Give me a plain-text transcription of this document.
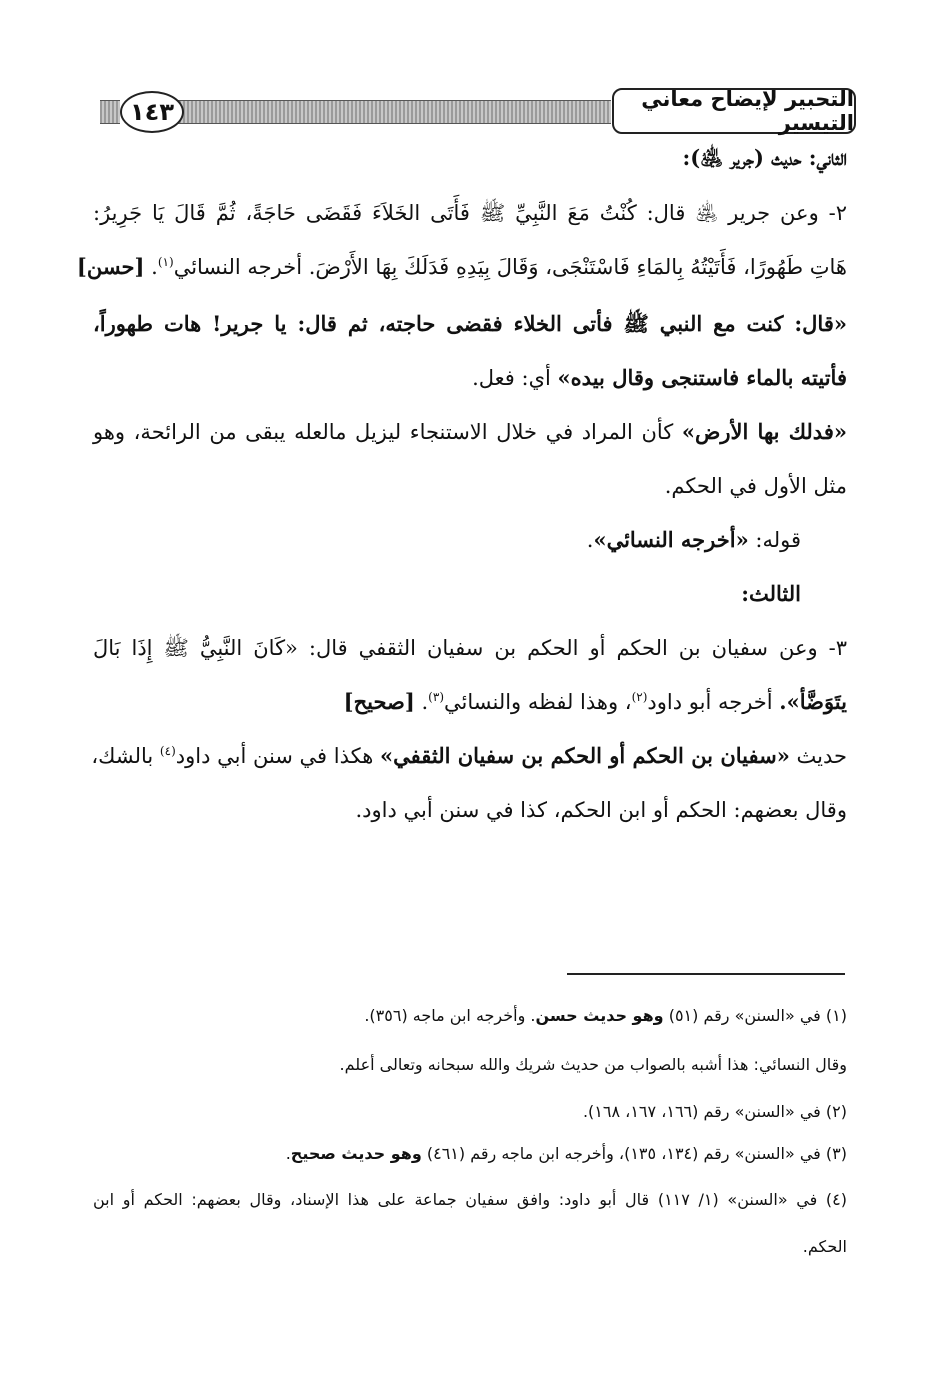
١٤٣	التحبير لإيضاح معاني التيسير
الثاني: حديث (جرير ﵁):
٢- وعن جرير ﵁ قال: كُنْتُ مَعَ النَّبِيِّ ﷺ فَأَتَى الخَلاَءَ فَقَضَى حَاجَةً، ثُمَّ قَالَ يَا جَرِيرُ:
هَاتِ طَهُورًا، فَأَتَيْتُهُ بِالمَاءِ فَاسْتَنْجَى، وَقَالَ بِيَدِهِ فَدَلَكَ بِهَا الأَرْضَ. أخرجه النسائي$^{(١)}$. [حسن]
«قال: كنت مع النبي ﷺ فأتى الخلاء فقضى حاجته، ثم قال: يا جرير! هات طهوراً،
فأتيته بالماء فاستنجى وقال بيده» أي: فعل.
«فدلك بها الأرض» كأن المراد في خلال الاستنجاء ليزيل مالعله يبقى من الرائحة، وهو
مثل الأول في الحكم.
قوله: «أخرجه النسائي».
الثالث:
٣- وعن سفيان بن الحكم أو الحكم بن سفيان الثقفي قال: «كَانَ النَّبِيُّ ﷺ إِذَا بَالَ
يتَوَضَّأ». أخرجه أبو داود$^{(٢)}$، وهذا لفظه والنسائي$^{(٣)}$. [صحيح]
حديث «سفيان بن الحكم أو الحكم بن سفيان الثقفي» هكذا في سنن أبي داود$^{(٤)}$ بالشك،
وقال بعضهم: الحكم أو ابن الحكم، كذا في سنن أبي داود.
(١) في «السنن» رقم (٥١) وهو حديث حسن. وأخرجه ابن ماجه (٣٥٦).
وقال النسائي: هذا أشبه بالصواب من حديث شريك والله سبحانه وتعالى أعلم.
(٢) في «السنن» رقم (١٦٦، ١٦٧، ١٦٨).
(٣) في «السنن» رقم (١٣٤، ١٣٥)، وأخرجه ابن ماجه رقم (٤٦١) وهو حديث صحيح.
(٤) في «السنن» (١/ ١١٧) قال أبو داود: وافق سفيان جماعة على هذا الإسناد، وقال بعضهم: الحكم أو ابن
الحكم.
